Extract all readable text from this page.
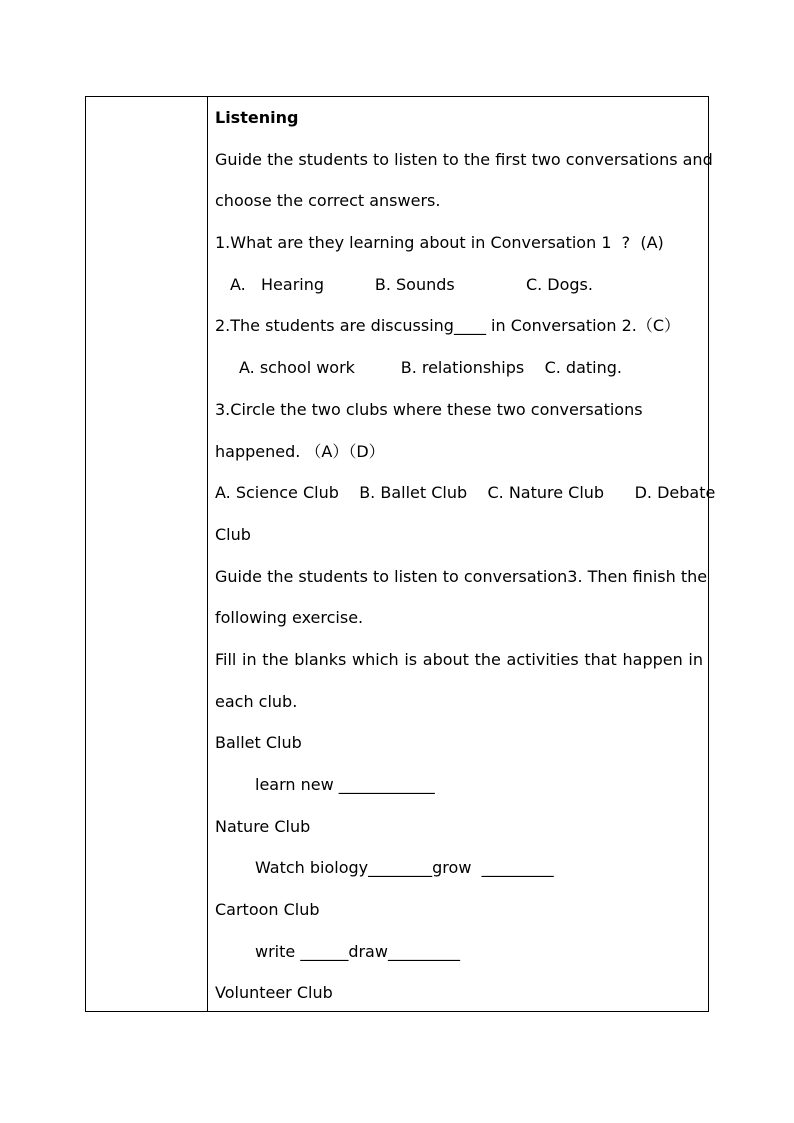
Listening
Guide the students to listen to the first two conversations and
choose the correct answers.
1.What are they learning about in Conversation 1  ?  (A)
A.   Hearing          B. Sounds              C. Dogs.
2.The students are discussing____ in Conversation 2.（C）
A. school work         B. relationships    C. dating.
3.Circle the two clubs where these two conversations
happened. （A）（D）
A. Science Club    B. Ballet Club    C. Nature Club      D. Debate
Club
Guide the students to listen to conversation3. Then finish the
following exercise.
Fill in the blanks which is about the activities that happen in
each club.
Ballet Club
learn new ____________
Nature Club
Watch biology________grow  _________
Cartoon Club
write ______draw_________
Volunteer Club
